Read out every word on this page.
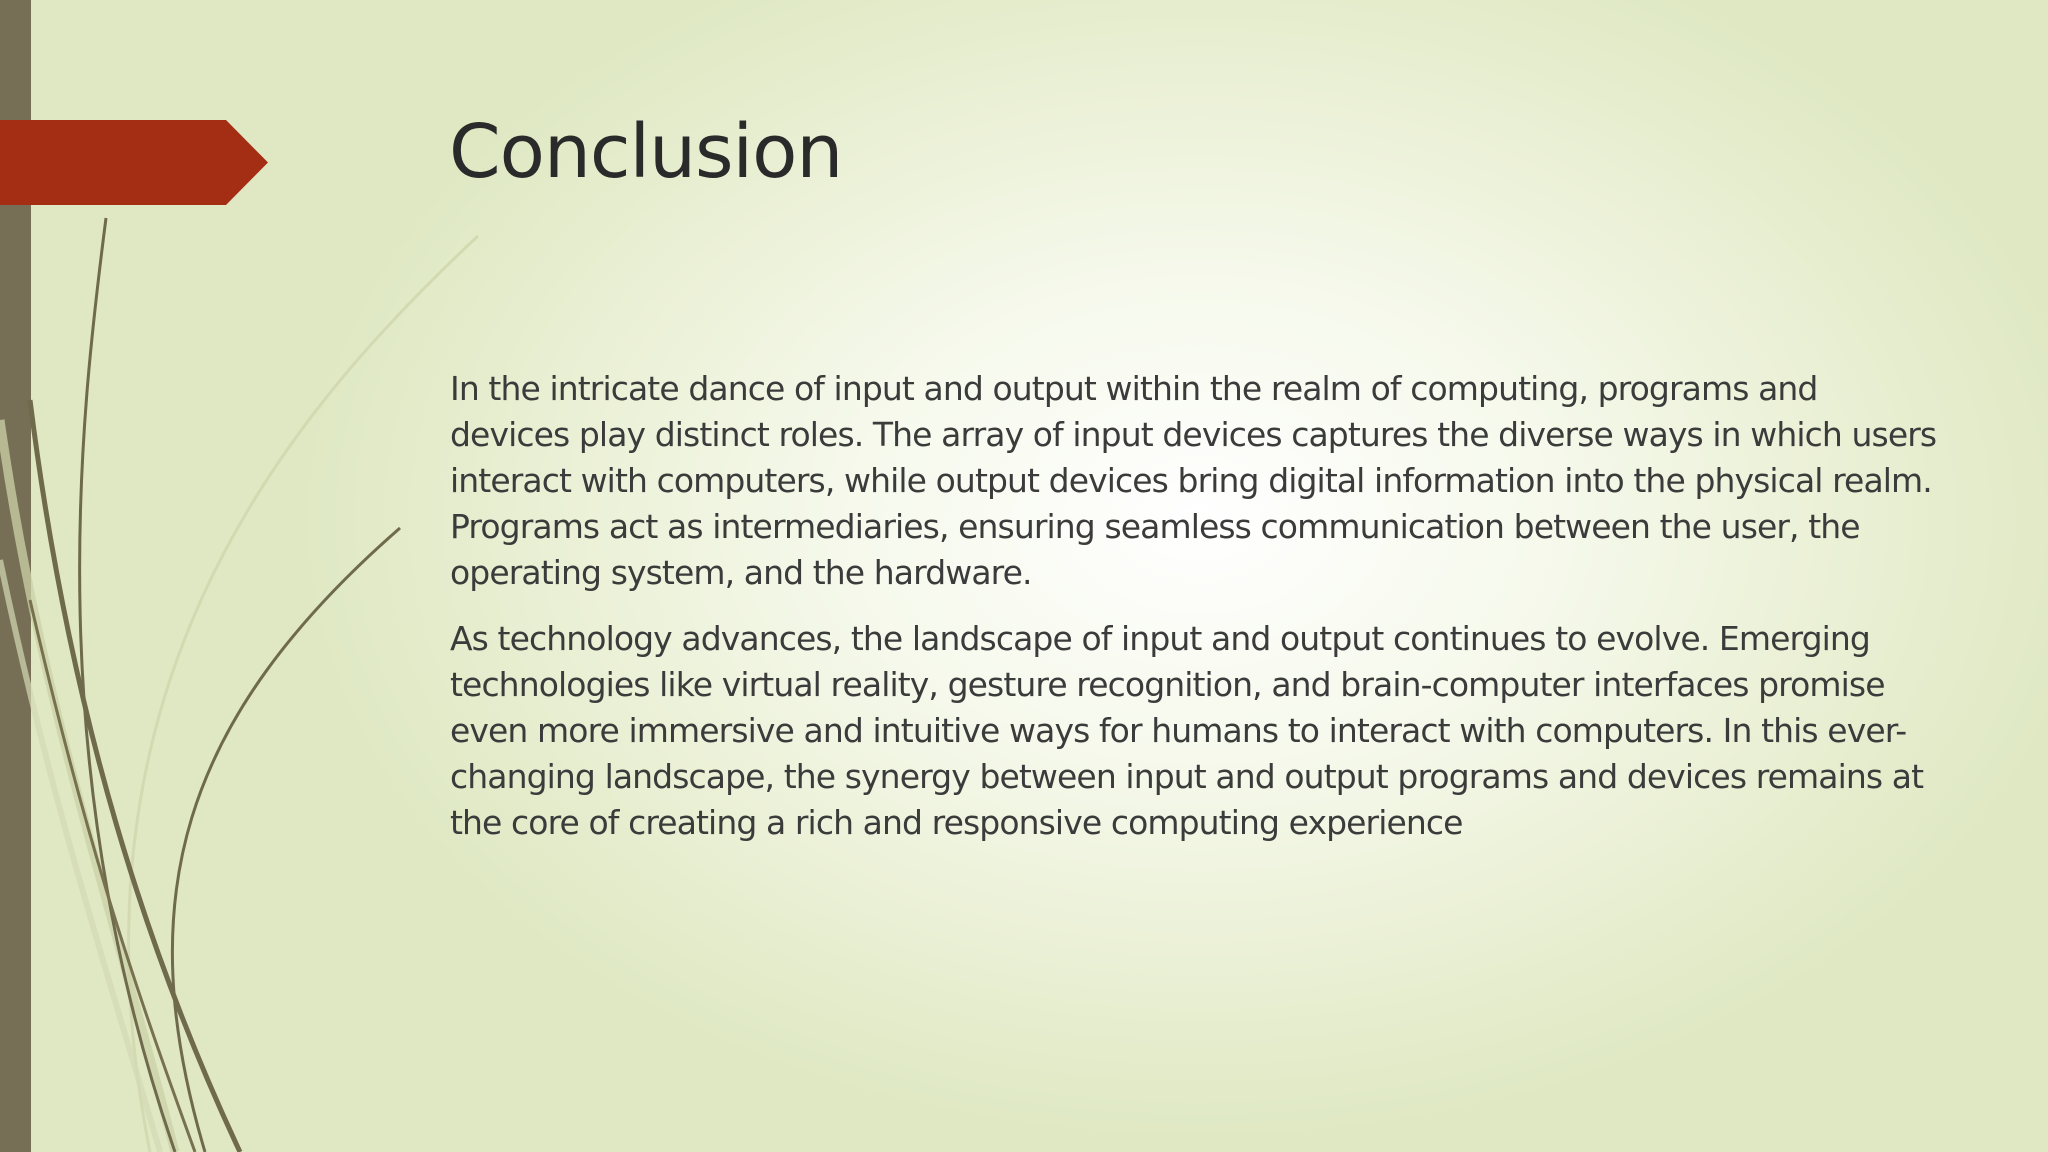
Conclusion

In the intricate dance of input and output within the realm of computing, programs and devices play distinct roles. The array of input devices captures the diverse ways in which users interact with computers, while output devices bring digital information into the physical realm. Programs act as intermediaries, ensuring seamless communication between the user, the operating system, and the hardware.

As technology advances, the landscape of input and output continues to evolve. Emerging technologies like virtual reality, gesture recognition, and brain-computer interfaces promise even more immersive and intuitive ways for humans to interact with computers. In this ever-changing landscape, the synergy between input and output programs and devices remains at the core of creating a rich and responsive computing experience
